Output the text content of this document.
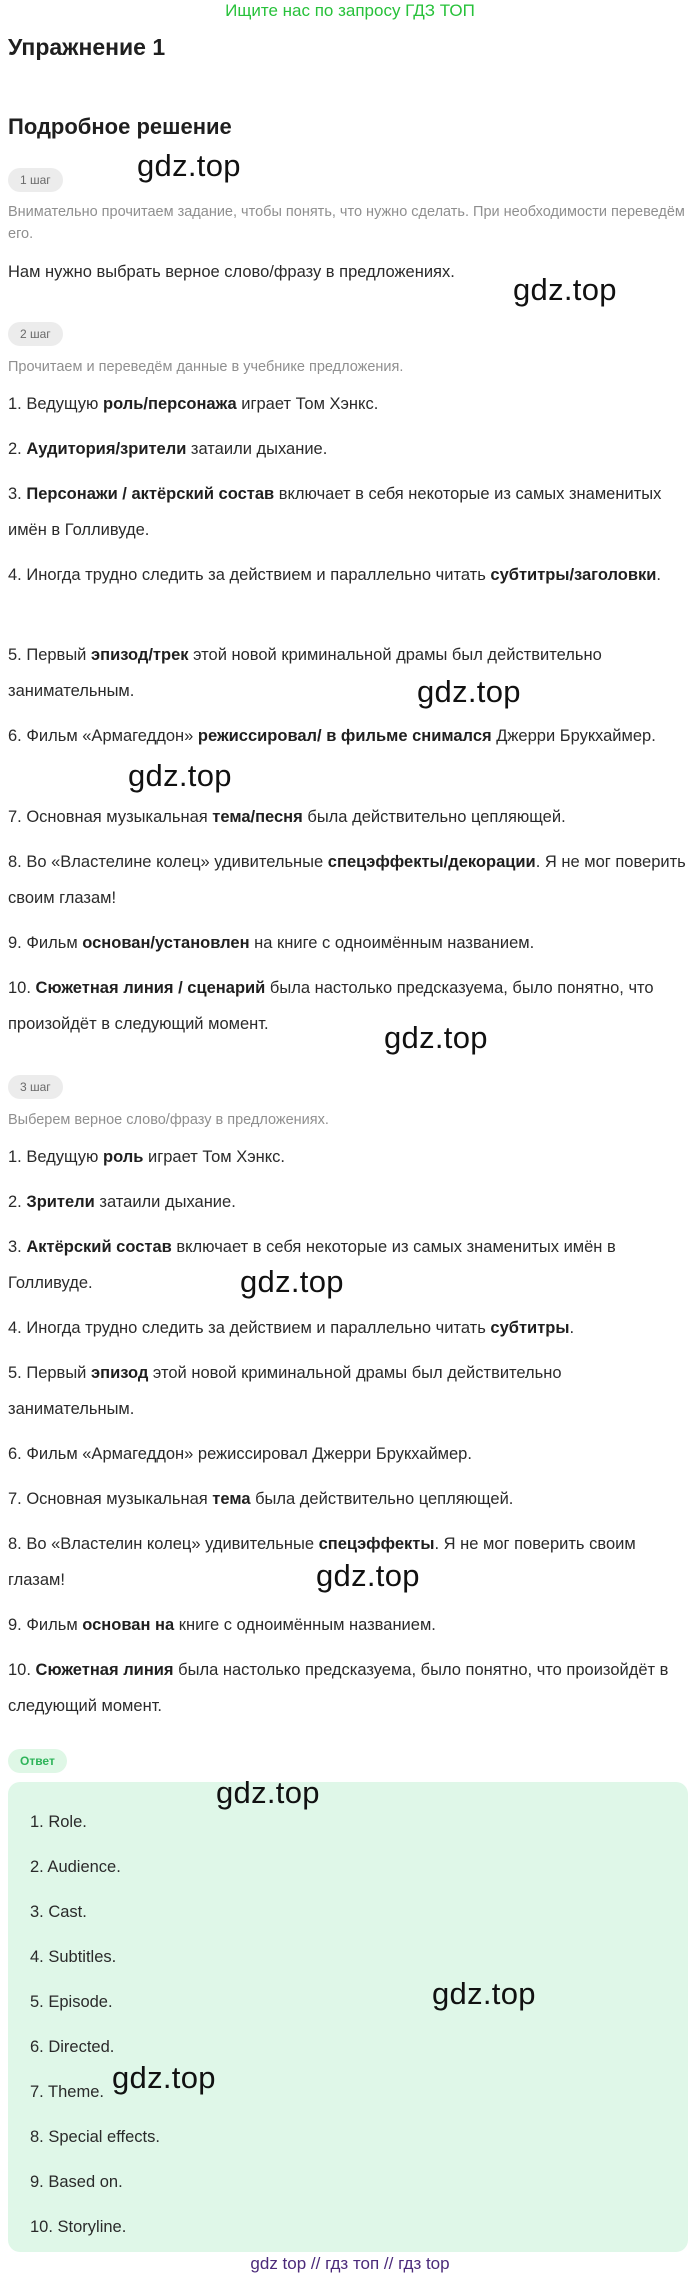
Ищите нас по запросу ГДЗ ТОП
Упражнение 1
Подробное решение
1 шаг

Внимательно прочитаем задание, чтобы понять, что нужно сделать. При необходимости переведём его.

Нам нужно выбрать верное слово/фразу в предложениях.

2 шаг

Прочитаем и переведём данные в учебнике предложения.

1. Ведущую роль/персонажа играет Том Хэнкс.

2. Аудитория/зрители затаили дыхание.

3. Персонажи / актёрский состав включает в себя некоторые из самых знаменитых имён в Голливуде.

4. Иногда трудно следить за действием и параллельно читать субтитры/заголовки.

5. Первый эпизод/трек этой новой криминальной драмы был действительно занимательным.

6. Фильм «Армагеддон» режиссировал/ в фильме снимался Джерри Брукхаймер.

7. Основная музыкальная тема/песня была действительно цепляющей.

8. Во «Властелине колец» удивительные спецэффекты/декорации. Я не мог поверить своим глазам!

9. Фильм основан/установлен на книге с одноимённым названием.

10. Сюжетная линия / сценарий была настолько предсказуема, было понятно, что произойдёт в следующий момент.

3 шаг

Выберем верное слово/фразу в предложениях.

1. Ведущую роль играет Том Хэнкс.

2. Зрители затаили дыхание.

3. Актёрский состав включает в себя некоторые из самых знаменитых имён в Голливуде.

4. Иногда трудно следить за действием и параллельно читать субтитры.

5. Первый эпизод этой новой криминальной драмы был действительно занимательным.

6. Фильм «Армагеддон» режиссировал Джерри Брукхаймер.

7. Основная музыкальная тема была действительно цепляющей.

8. Во «Властелин колец» удивительные спецэффекты. Я не мог поверить своим глазам!

9. Фильм основан на книге с одноимённым названием.

10. Сюжетная линия была настолько предсказуема, было понятно, что произойдёт в следующий момент.

Ответ
1. Role.
2. Audience.
3. Cast.
4. Subtitles.
5. Episode.
6. Directed.
7. Theme.
8. Special effects.
9. Based on.
10. Storyline.
gdz.top
gdz.top
gdz.top
gdz.top
gdz.top
gdz.top
gdz.top
gdz.top
gdz.top
gdz.top
gdz top // гдз топ // гдз top
